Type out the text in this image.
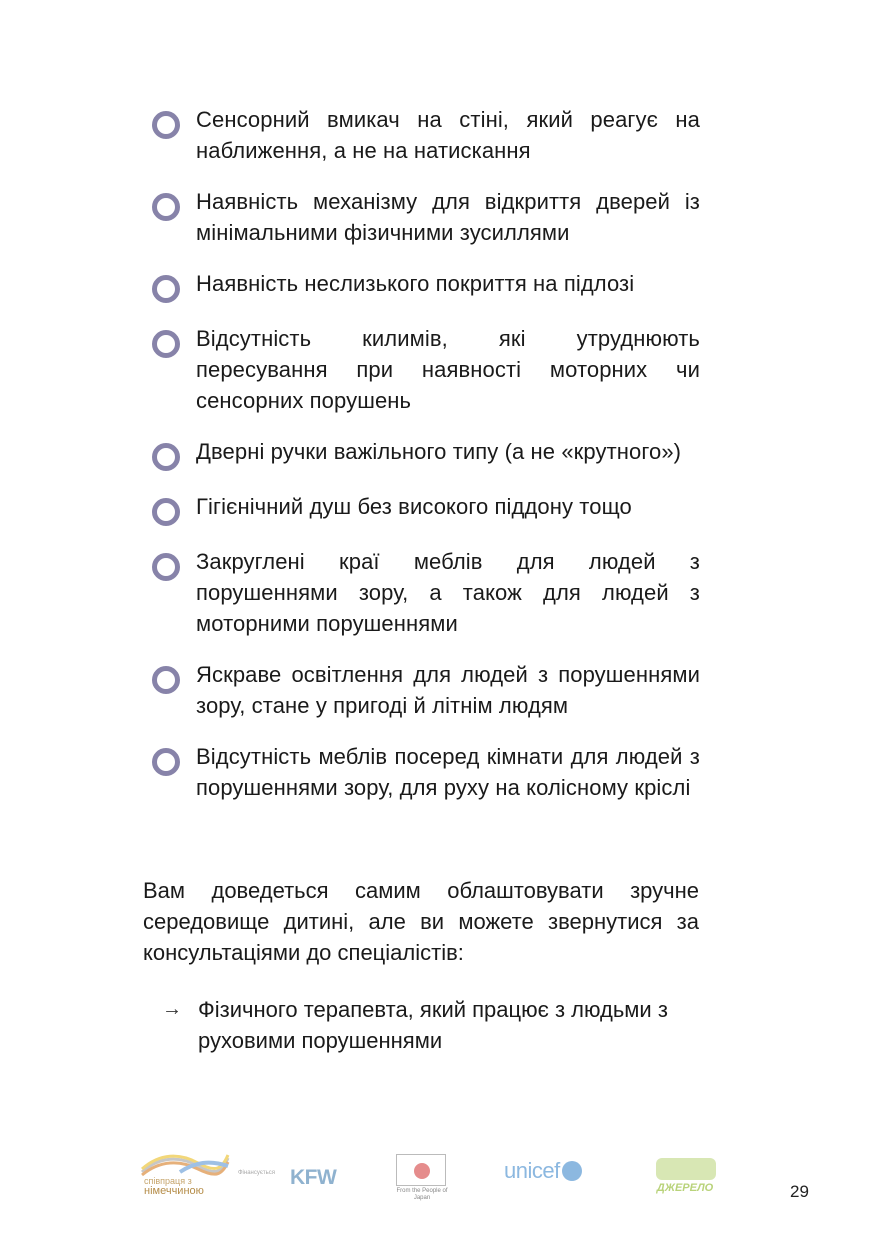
Сенсорний вмикач на стіні, який реагує на наближення, а не на натискання
Наявність механізму для відкриття дверей із мінімальними фізичними зусиллями
Наявність неслизького покриття на підлозі
Відсутність килимів, які утруднюють пересування при наявності моторних чи сенсорних порушень
Дверні ручки важільного типу (а не «крутного»)
Гігієнічний душ без високого піддону тощо
Закруглені краї меблів для людей з порушеннями зору, а також для людей з моторними порушеннями
Яскраве освітлення для людей з порушеннями зору, стане у пригоді й літнім людям
Відсутність меблів посеред кімнати для людей з порушеннями зору, для руху на колісному кріслі

Вам доведеться самим облаштовувати зручне середовище дитині, але ви можете звернутися за консультаціями до спеціалістів:

→ Фізичного терапевта, який працює з людьми з руховими порушеннями
співпраця з
німеччиною
Фінансується KFW
From the People of Japan
unicef
ДЖЕРЕЛО	29
